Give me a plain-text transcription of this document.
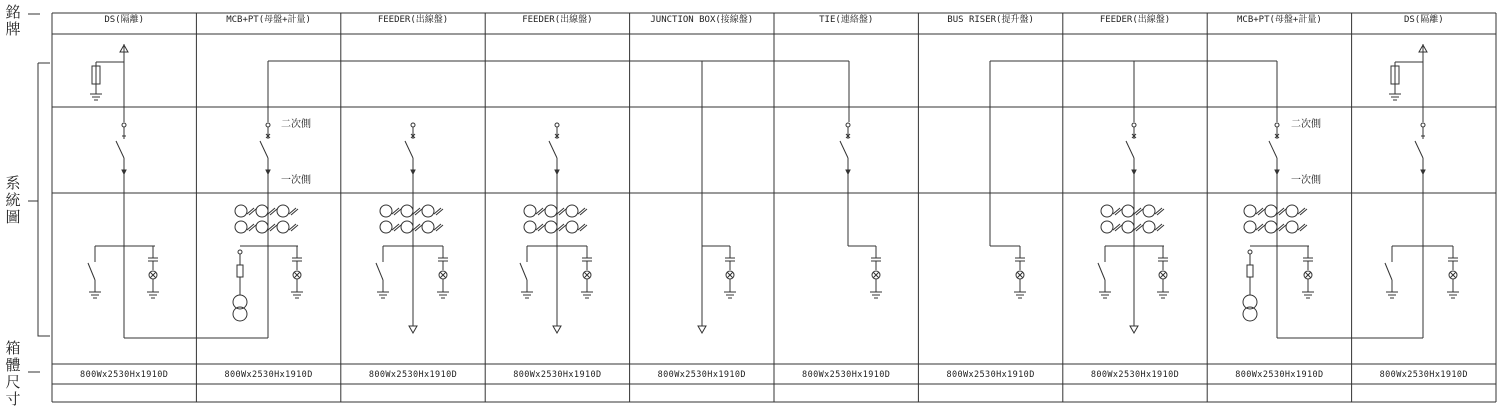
銘牌
系統圖
箱體尺寸
DS(隔離)	MCB+PT(母盤+計量)	FEEDER(出線盤)	FEEDER(出線盤)	JUNCTION BOX(接線盤)	TIE(連絡盤)	BUS RISER(提升盤)	FEEDER(出線盤)	MCB+PT(母盤+計量)	DS(隔離)
800Wx2530Hx1910D	800Wx2530Hx1910D	800Wx2530Hx1910D	800Wx2530Hx1910D	800Wx2530Hx1910D	800Wx2530Hx1910D	800Wx2530Hx1910D	800Wx2530Hx1910D	800Wx2530Hx1910D	800Wx2530Hx1910D
二次側
一次側
二次側
一次側
